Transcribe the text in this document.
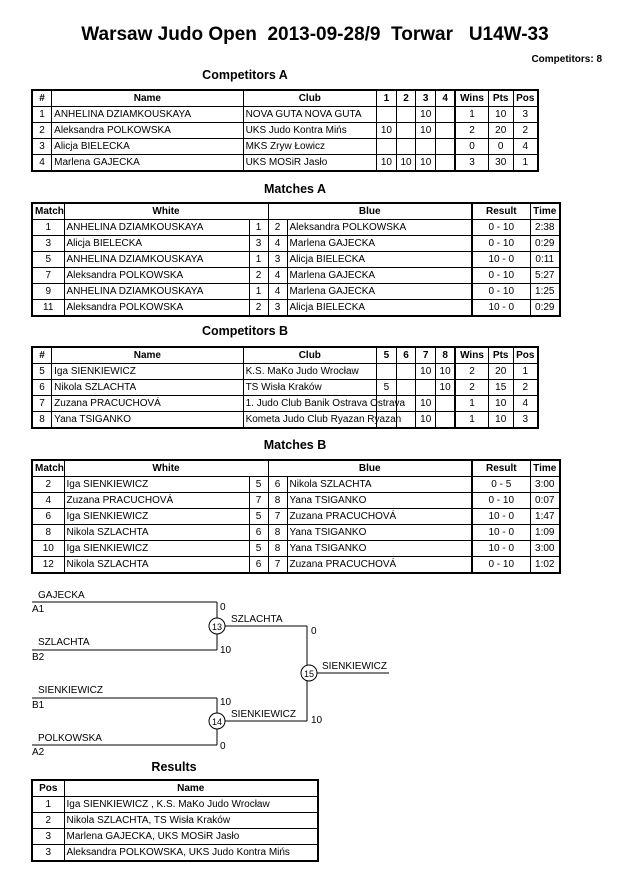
Warsaw Judo Open  2013-09-28/9  Torwar   U14W-33
Competitors: 8
Competitors A
#	Name	Club	1	2	3	4	Wins	Pts	Pos
1	ANHELINA DZIAMKOUSKAYA	NOVA GUTA NOVA GUTA			10		1	10	3
2	Aleksandra POLKOWSKA	UKS Judo Kontra Mińs	10		10		2	20	2
3	Alicja BIELECKA	MKS Zryw Łowicz					0	0	4
4	Marlena GAJECKA	UKS MOSiR Jasło	10	10	10		3	30	1
Matches A
Match	White		Blue		Result	Time
1	ANHELINA DZIAMKOUSKAYA	1	2	Aleksandra POLKOWSKA	0 - 10	2:38
3	Alicja BIELECKA	3	4	Marlena GAJECKA	0 - 10	0:29
5	ANHELINA DZIAMKOUSKAYA	1	3	Alicja BIELECKA	10 - 0	0:11
7	Aleksandra POLKOWSKA	2	4	Marlena GAJECKA	0 - 10	5:27
9	ANHELINA DZIAMKOUSKAYA	1	4	Marlena GAJECKA	0 - 10	1:25
11	Aleksandra POLKOWSKA	2	3	Alicja BIELECKA	10 - 0	0:29
Competitors B
#	Name	Club	5	6	7	8	Wins	Pts	Pos
5	Iga SIENKIEWICZ	K.S. MaKo Judo Wrocław			10	10	2	20	1
6	Nikola SZLACHTA	TS Wisła Kraków	5			10	2	15	2
7	Zuzana PRACUCHOVÁ	1. Judo Club Banik Ostrava Ostrava			10		1	10	4
8	Yana TSIGANKO	Kometa Judo Club Ryazan Ryazan			10		1	10	3
Matches B
Match	White		Blue		Result	Time
2	Iga SIENKIEWICZ	5	6	Nikola SZLACHTA	0 - 5	3:00
4	Zuzana PRACUCHOVÁ	7	8	Yana TSIGANKO	0 - 10	0:07
6	Iga SIENKIEWICZ	5	7	Zuzana PRACUCHOVÁ	10 - 0	1:47
8	Nikola SZLACHTA	6	8	Yana TSIGANKO	10 - 0	1:09
10	Iga SIENKIEWICZ	5	8	Yana TSIGANKO	10 - 0	3:00
12	Nikola SZLACHTA	6	7	Zuzana PRACUCHOVÁ	0 - 10	1:02
GAJECKA
A1	0
SZLACHTA
B2
10
13
SZLACHTA
0
SIENKIEWICZ
B1	10
POLKOWSKA
A2
0
14
SIENKIEWICZ
10
15
SIENKIEWICZ
Results
Pos	Name
1	Iga SIENKIEWICZ , K.S. MaKo Judo Wrocław
2	Nikola SZLACHTA, TS Wisła Kraków
3	Marlena GAJECKA, UKS MOSiR Jasło
3	Aleksandra POLKOWSKA, UKS Judo Kontra Mińs
